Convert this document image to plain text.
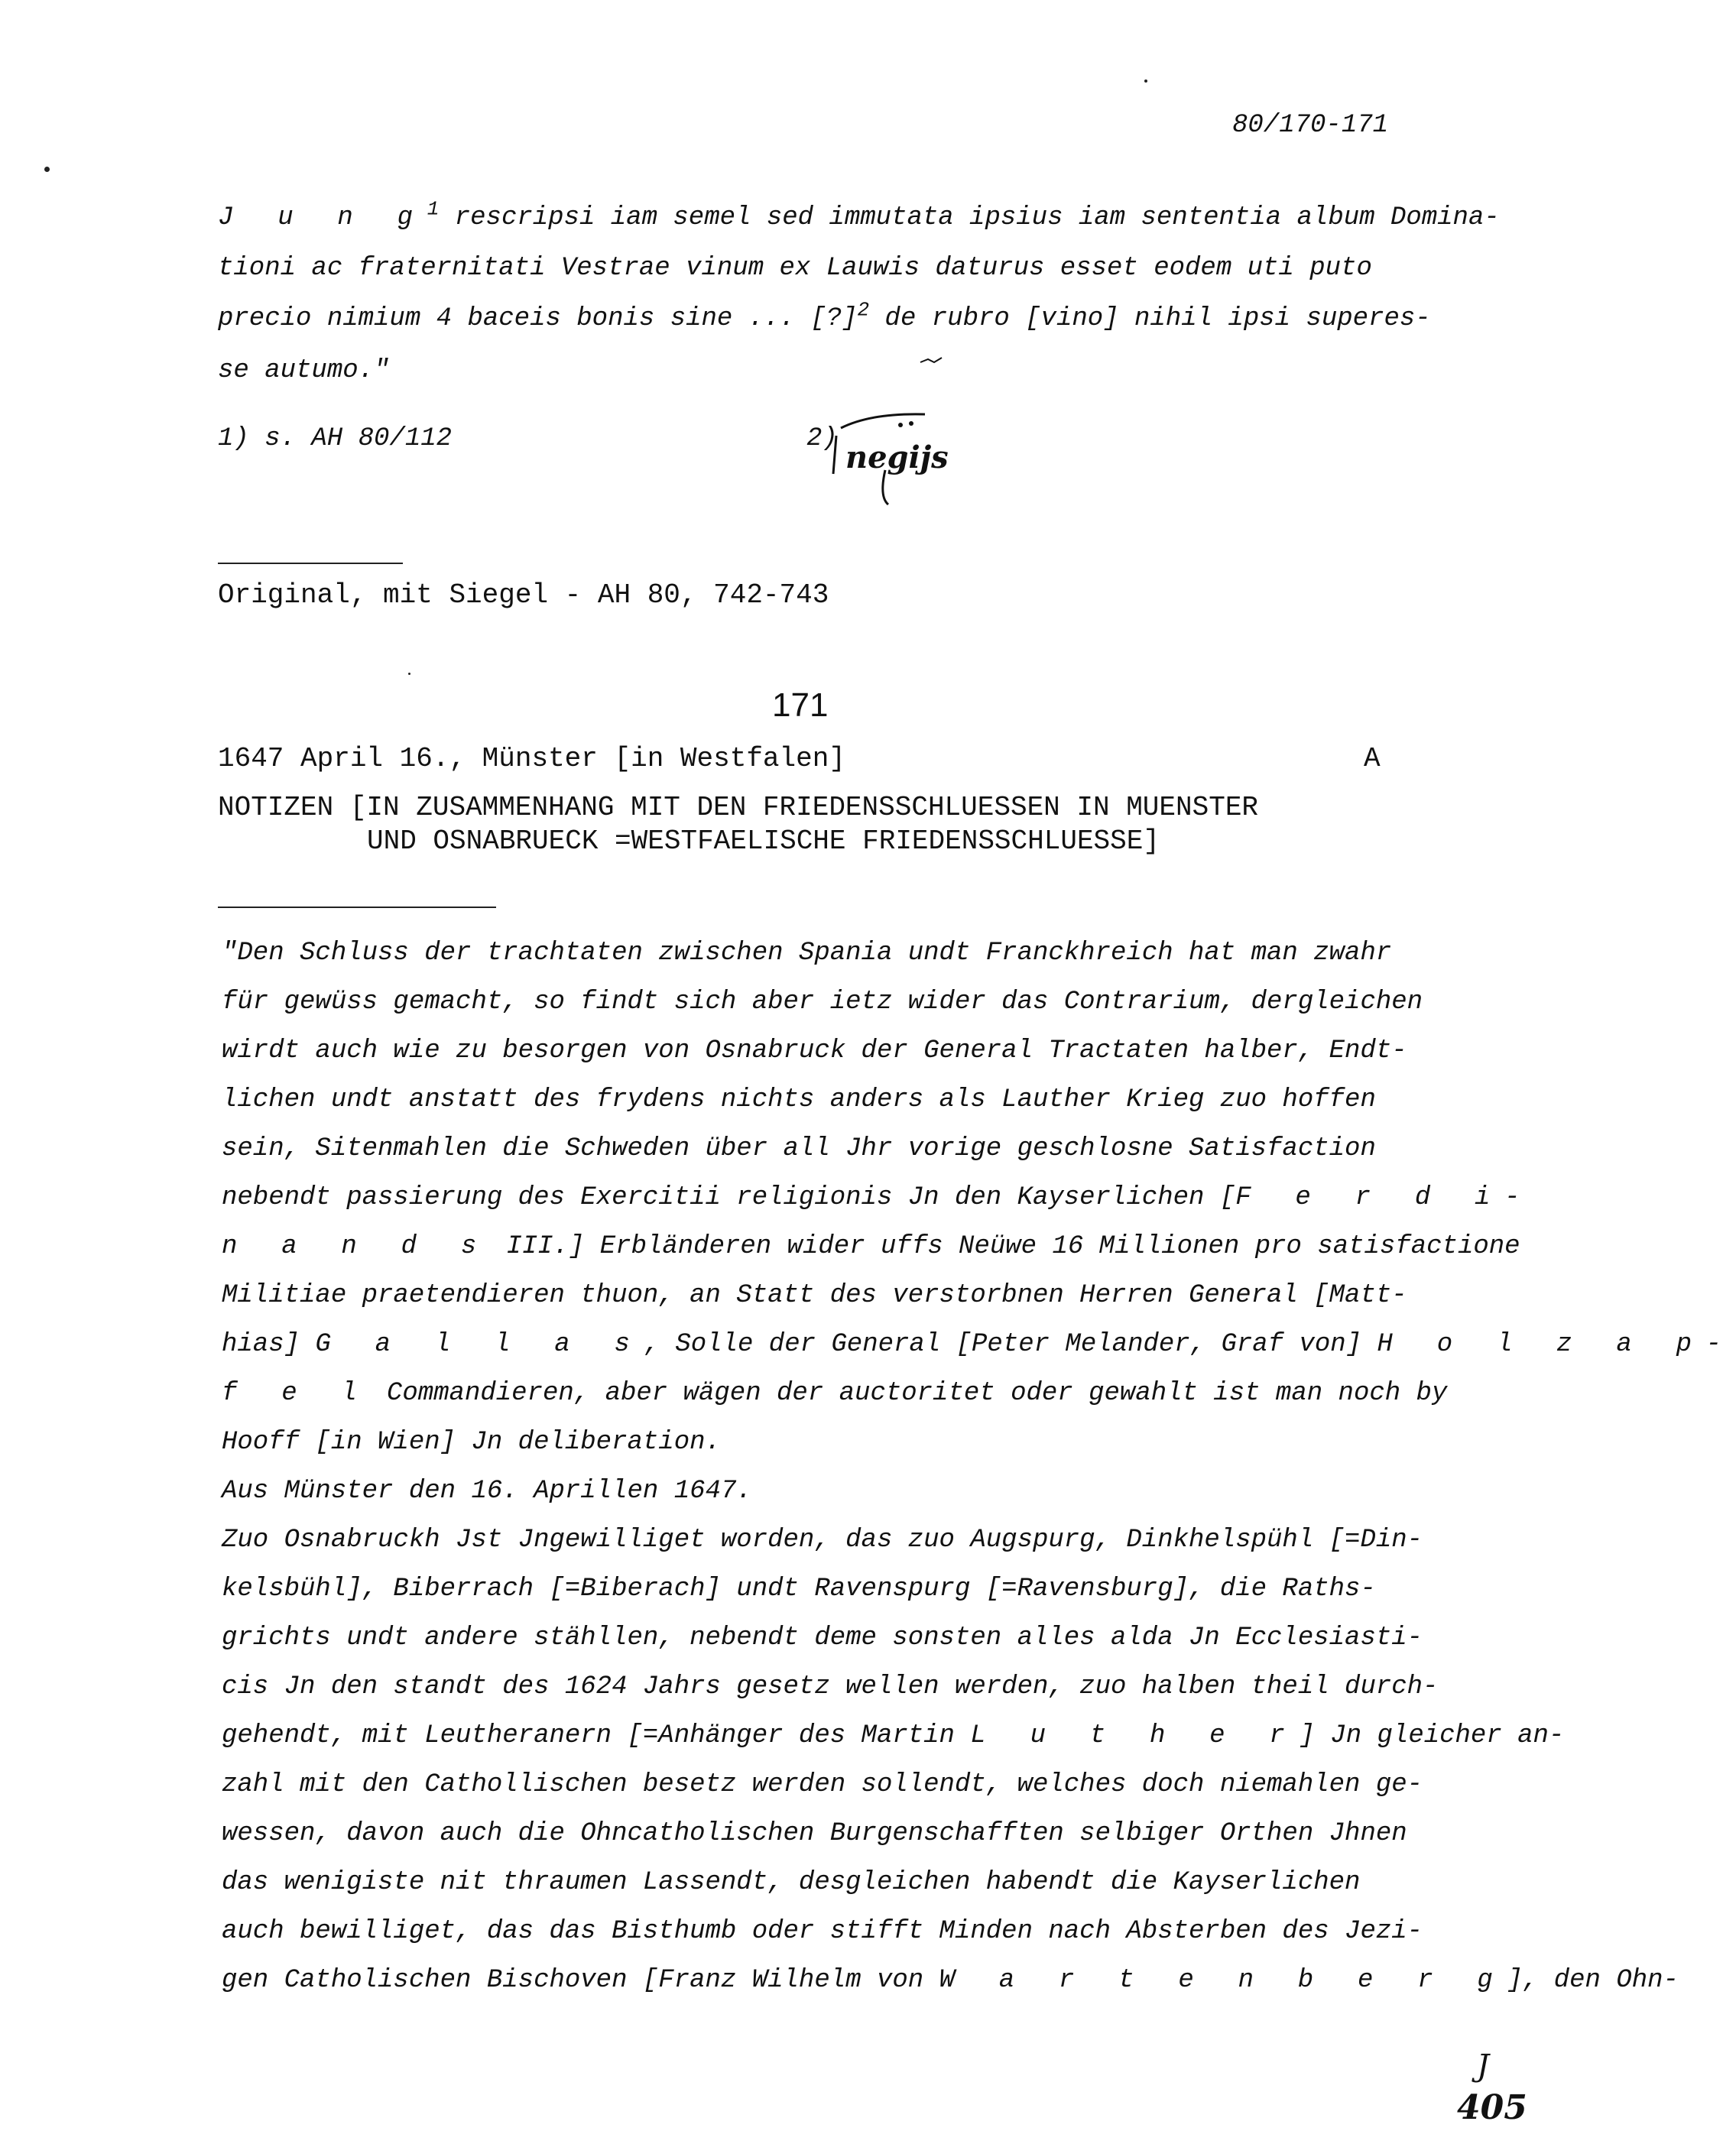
80/170-171
J u n $g^1$ rescripsi iam semel sed immutata ipsius iam sententia album Domina-
tioni ac fraternitati Vestrae vinum ex Lauwis daturus esset eodem uti puto
precio nimium 4 baceis bonis sine ... [?]$^2$ de rubro [vino] nihil ipsi superes-
se autumo."
1) s. AH 80/112	2)
negijs
Original, mit Siegel - AH 80, 742-743
171
1647 April 16., Münster [in Westfalen]	A
NOTIZEN [IN ZUSAMMENHANG MIT DEN FRIEDENSSCHLUESSEN IN MUENSTER
UND OSNABRUECK =WESTFAELISCHE FRIEDENSSCHLUESSE]
"Den Schluss der trachtaten zwischen Spania undt Franckhreich hat man zwahr
für gewüss gemacht, so findt sich aber ietz wider das Contrarium, dergleichen
wirdt auch wie zu besorgen von Osnabruck der General Tractaten halber, Endt-
lichen undt anstatt des frydens nichts anders als Lauther Krieg zuo hoffen
sein, Sitenmahlen die Schweden über all Jhr vorige geschlosne Satisfaction
nebendt passierung des Exercitii religionis Jn den Kayserlichen [F e r d i-
n a n d s III.] Erbländeren wider uffs Neüwe 16 Millionen pro satisfactione
Militiae praetendieren thuon, an Statt des verstorbnen Herren General [Matt-
hias] G a l l a s, Solle der General [Peter Melander, Graf von] H o l z a p-
f e l Commandieren, aber wägen der auctoritet oder gewahlt ist man noch by
Hooff [in Wien] Jn deliberation.
Aus Münster den 16. Aprillen 1647.
Zuo Osnabruckh Jst Jngewilliget worden, das zuo Augspurg, Dinkhelspühl [=Din-
kelsbühl], Biberrach [=Biberach] undt Ravenspurg [=Ravensburg], die Raths-
grichts undt andere stähllen, nebendt deme sonsten alles alda Jn Ecclesiasti-
cis Jn den standt des 1624 Jahrs gesetz wellen werden, zuo halben theil durch-
gehendt, mit Leutheranern [=Anhänger des Martin L u t h e r] Jn gleicher an-
zahl mit den Cathollischen besetz werden sollendt, welches doch niemahlen ge-
wessen, davon auch die Ohncatholischen Burgenschafften selbiger Orthen Jhnen
das wenigiste nit thraumen Lassendt, desgleichen habendt die Kayserlichen
auch bewilliget, das das Bisthumb oder stifft Minden nach Absterben des Jezi-
gen Catholischen Bischoven [Franz Wilhelm von W a r t e n b e r g], den Ohn-
J
405
